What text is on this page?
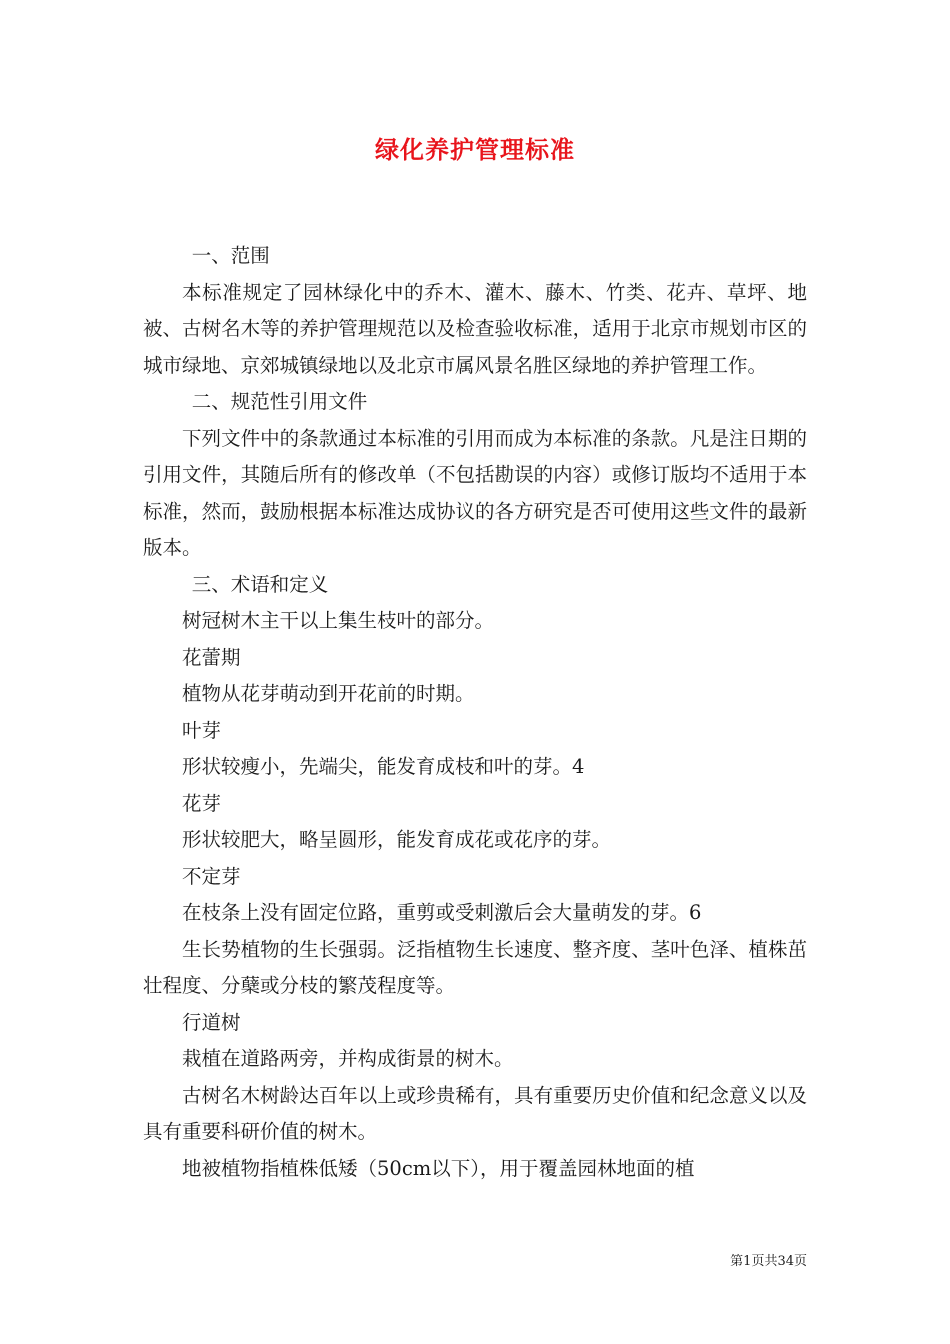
绿化养护管理标准

一、范围

本标准规定了园林绿化中的乔木、灌木、藤木、竹类、花卉、草坪、地被、古树名木等的养护管理规范以及检查验收标准，适用于北京市规划市区的城市绿地、京郊城镇绿地以及北京市属风景名胜区绿地的养护管理工作。

二、规范性引用文件

下列文件中的条款通过本标准的引用而成为本标准的条款。凡是注日期的引用文件，其随后所有的修改单（不包括勘误的内容）或修订版均不适用于本标准，然而，鼓励根据本标准达成协议的各方研究是否可使用这些文件的最新版本。

三、术语和定义

树冠树木主干以上集生枝叶的部分。

花蕾期

植物从花芽萌动到开花前的时期。

叶芽

形状较瘦小，先端尖，能发育成枝和叶的芽。4

花芽

形状较肥大，略呈圆形，能发育成花或花序的芽。

不定芽

在枝条上没有固定位路，重剪或受刺激后会大量萌发的芽。6

生长势植物的生长强弱。泛指植物生长速度、整齐度、茎叶色泽、植株茁壮程度、分蘖或分枝的繁茂程度等。

行道树

栽植在道路两旁，并构成街景的树木。

古树名木树龄达百年以上或珍贵稀有，具有重要历史价值和纪念意义以及具有重要科研价值的树木。

地被植物指植株低矮（50cm以下），用于覆盖园林地面的植

第1页共34页
